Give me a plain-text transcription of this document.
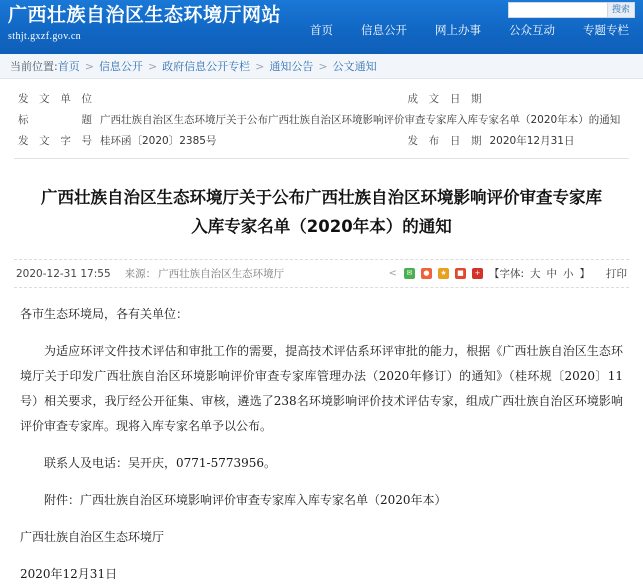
广西壮族自治区生态环境厅网站
sthjt.gxzf.gov.cn
搜索
首页	信息公开	网上办事	公众互动	专题专栏
当前位置: 首页 > 信息公开 > 政府信息公开专栏 > 通知公告 > 公文通知
发文单位		成文日期	
标题	广西壮族自治区生态环境厅关于公布广西壮族自治区环境影响评价审查专家库入库专家名单（2020年本）的通知		
发文字号	桂环函〔2020〕2385号	发布日期	2020年12月31日
广西壮族自治区生态环境厅关于公布广西壮族自治区环境影响评价审查专家库入库专家名单（2020年本）的通知
2020-12-31 17:55 来源： 广西壮族自治区生态环境厅	<	✉	●	★	■	+ 【字体: 大 中 小 】 打印

各市生态环境局，各有关单位：

为适应环评文件技术评估和审批工作的需要，提高技术评估系环评审批的能力，根据《广西壮族自治区生态环境厅关于印发广西壮族自治区环境影响评价审查专家库管理办法（2020年修订）的通知》（桂环规〔2020〕11号）相关要求，我厅经公开征集、审核，遴选了238名环境影响评价技术评估专家，组成广西壮族自治区环境影响评价审查专家库。现将入库专家名单予以公布。

联系人及电话：吴开庆，0771-5773956。

附件：广西壮族自治区环境影响评价审查专家库入库专家名单（2020年本）

广西壮族自治区生态环境厅

2020年12月31日
